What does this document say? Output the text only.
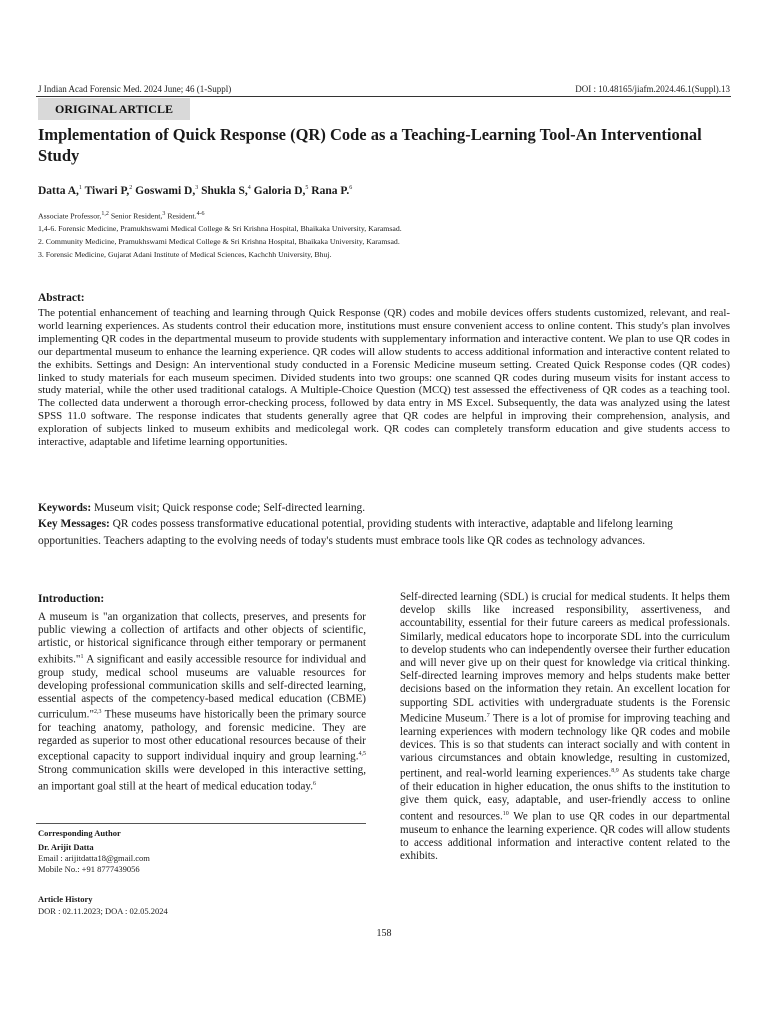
J Indian Acad Forensic Med. 2024 June; 46 (1-Suppl)	DOI : 10.48165/jiafm.2024.46.1(Suppl).13
ORIGINAL ARTICLE
Implementation of Quick Response (QR) Code as a Teaching-Learning Tool-An Interventional Study
Datta A,$^1$ Tiwari P,$^2$ Goswami D,$^3$ Shukla S,$^4$ Galoria D,$^5$ Rana P.$^6$
Associate Professor,$^{1,2}$ Senior Resident,$^3$ Resident.$^{4-6}$
1,4-6. Forensic Medicine, Pramukhswami Medical College & Sri Krishna Hospital, Bhaikaka University, Karamsad.
2. Community Medicine, Pramukhswami Medical College & Sri Krishna Hospital, Bhaikaka University, Karamsad.
3. Forensic Medicine, Gujarat Adani Institute of Medical Sciences, Kachchh University, Bhuj.
Abstract:

The potential enhancement of teaching and learning through Quick Response (QR) codes and mobile devices offers students customized, relevant, and real-world learning experiences. As students control their education more, institutions must ensure convenient access to online content. This study's plan involves implementing QR codes in the departmental museum to provide students with supplementary information and interactive content. We plan to use QR codes in our departmental museum to enhance the learning experience. QR codes will allow students to access additional information and interactive content related to the exhibits. Settings and Design: An interventional study conducted in a Forensic Medicine museum setting. Created Quick Response codes (QR codes) linked to study materials for each museum specimen. Divided students into two groups: one scanned QR codes during museum visits for instant access to study material, while the other used traditional catalogs. A Multiple-Choice Question (MCQ) test assessed the effectiveness of QR codes as a teaching tool. The collected data underwent a thorough error-checking process, followed by data entry in MS Excel. Subsequently, the data was analyzed using the latest SPSS 11.0 software. The response indicates that students generally agree that QR codes are helpful in improving their comprehension, analysis, and exploration of subjects linked to museum exhibits and medicolegal work. QR codes can completely transform education and give students access to interactive, adaptable and lifetime learning opportunities.

Keywords: Museum visit; Quick response code; Self-directed learning.
Key Messages: QR codes possess transformative educational potential, providing students with interactive, adaptable and lifelong learning opportunities. Teachers adapting to the evolving needs of today's students must embrace tools like QR codes as technology advances.
Introduction:

A museum is "an organization that collects, preserves, and presents for public viewing a collection of artifacts and other objects of scientific, artistic, or historical significance through either temporary or permanent exhibits."$^1$ A significant and easily accessible resource for individual and group study, medical school museums are valuable resources for developing professional communication skills and self-directed learning, essential aspects of the competency-based medical education (CBME) curriculum."$^{2,3}$ These museums have historically been the primary source for teaching anatomy, pathology, and forensic medicine. They are regarded as superior to most other educational resources because of their exceptional capacity to support individual inquiry and group learning.$^{4,5}$ Strong communication skills were developed in this interactive setting, an important goal still at the heart of medical education today.$^6$

Self-directed learning (SDL) is crucial for medical students. It helps them develop skills like increased responsibility, assertiveness, and accountability, essential for their future careers as medical professionals. Similarly, medical educators hope to incorporate SDL into the curriculum to develop students who can independently oversee their further education and will never give up on their quest for knowledge via critical thinking. Self-directed learning improves memory and helps students make better decisions based on the information they retain. An excellent location for supporting SDL activities with undergraduate students is the Forensic Medicine Museum.$^7$ There is a lot of promise for improving teaching and learning experiences with modern technology like QR codes and mobile devices. This is so that students can interact socially and with content in various circumstances and obtain knowledge, resulting in customized, pertinent, and real-world learning experiences.$^{8,9}$ As students take charge of their education in higher education, the onus shifts to the institution to give them quick, easy, adaptable, and user-friendly access to online content and resources.$^{10}$ We plan to use QR codes in our departmental museum to enhance the learning experience. QR codes will allow students to access additional information and interactive content related to the exhibits.

Corresponding Author
Dr. Arijit Datta
Email : arijitdatta18@gmail.com
Mobile No.: +91 8777439056
Article History
DOR : 02.11.2023; DOA : 02.05.2024
158
